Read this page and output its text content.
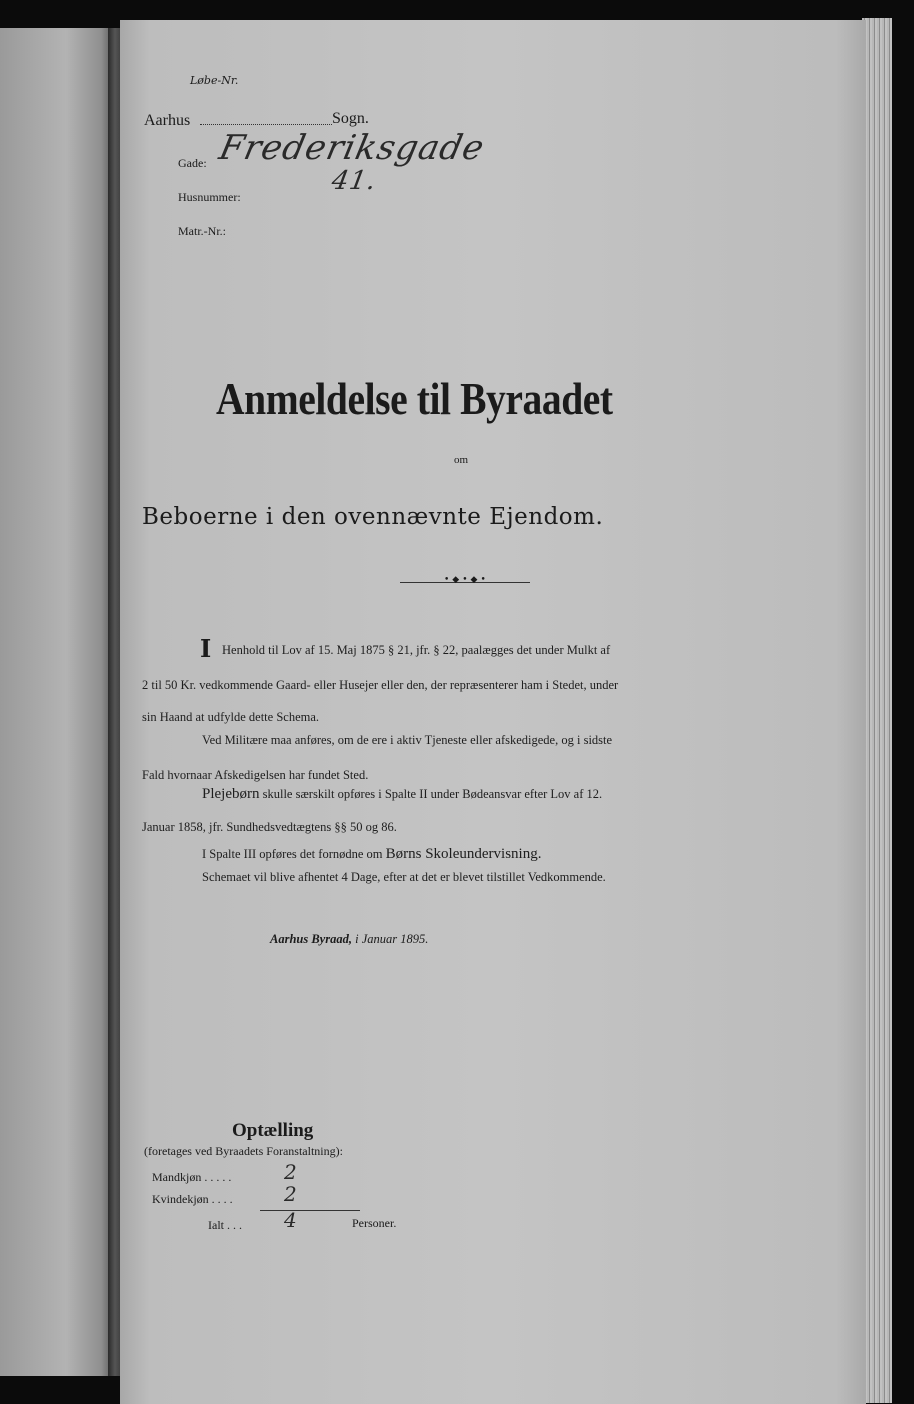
Løbe-Nr.
Aarhus	Sogn.
Gade: Frederiksgade
Husnummer:
41.
Matr.-Nr.:
Anmeldelse til Byraadet
om
Beboerne i den ovennævnte Ejendom.
•◆•◆•
I Henhold til Lov af 15. Maj 1875 § 21, jfr. § 22, paalægges det under Mulkt af
2 til 50 Kr. vedkommende Gaard- eller Husejer eller den, der repræsenterer ham i Stedet, under
sin Haand at udfylde dette Schema.
Ved Militære maa anføres, om de ere i aktiv Tjeneste eller afskedigede, og i sidste
Fald hvornaar Afskedigelsen har fundet Sted.
Plejebørn skulle særskilt opføres i Spalte II under Bødeansvar efter Lov af 12.
Januar 1858, jfr. Sundhedsvedtægtens §§ 50 og 86.
I Spalte III opføres det fornødne om Børns Skoleundervisning.
Schemaet vil blive afhentet 4 Dage, efter at det er blevet tilstillet Vedkommende.
Aarhus Byraad, i Januar 1895.
Optælling
(foretages ved Byraadets Foranstaltning):
Mandkjøn . . . . .	2
Kvindekjøn . . . .	2
Ialt . . . 4	Personer.
